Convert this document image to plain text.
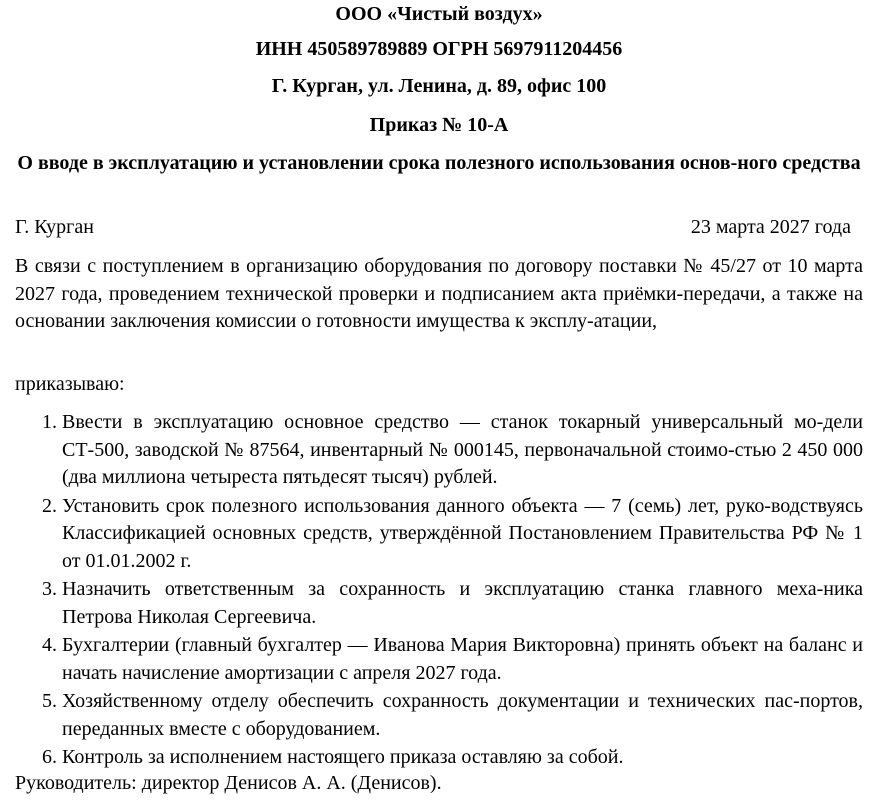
ООО «Чистый воздух»

ИНН 450589789889 ОГРН 5697911204456

Г. Курган, ул. Ленина, д. 89, офис 100

Приказ № 10-А

О вводе в эксплуатацию и установлении срока полезного использования основ-ного средства

Г. Курган	23 марта 2027 года
В связи с поступлением в организацию оборудования по договору поставки № 45/27 от 10 марта 2027 года, проведением технической проверки и подписанием акта приёмки-передачи, а также на основании заключения комиссии о готовности имущества к эксплу-атации,
приказываю:
1. Ввести в эксплуатацию основное средство — станок токарный универсальный мо-дели СТ-500, заводской № 87564, инвентарный № 000145, первоначальной стоимо-стью 2 450 000 (два миллиона четыреста пятьдесят тысяч) рублей.
2. Установить срок полезного использования данного объекта — 7 (семь) лет, руко-водствуясь Классификацией основных средств, утверждённой Постановлением Правительства РФ № 1 от 01.01.2002 г.
3. Назначить ответственным за сохранность и эксплуатацию станка главного меха-ника Петрова Николая Сергеевича.
4. Бухгалтерии (главный бухгалтер — Иванова Мария Викторовна) принять объект на баланс и начать начисление амортизации с апреля 2027 года.
5. Хозяйственному отделу обеспечить сохранность документации и технических пас-портов, переданных вместе с оборудованием.
6. Контроль за исполнением настоящего приказа оставляю за собой.
Руководитель: директор Денисов А. А. (Денисов).
